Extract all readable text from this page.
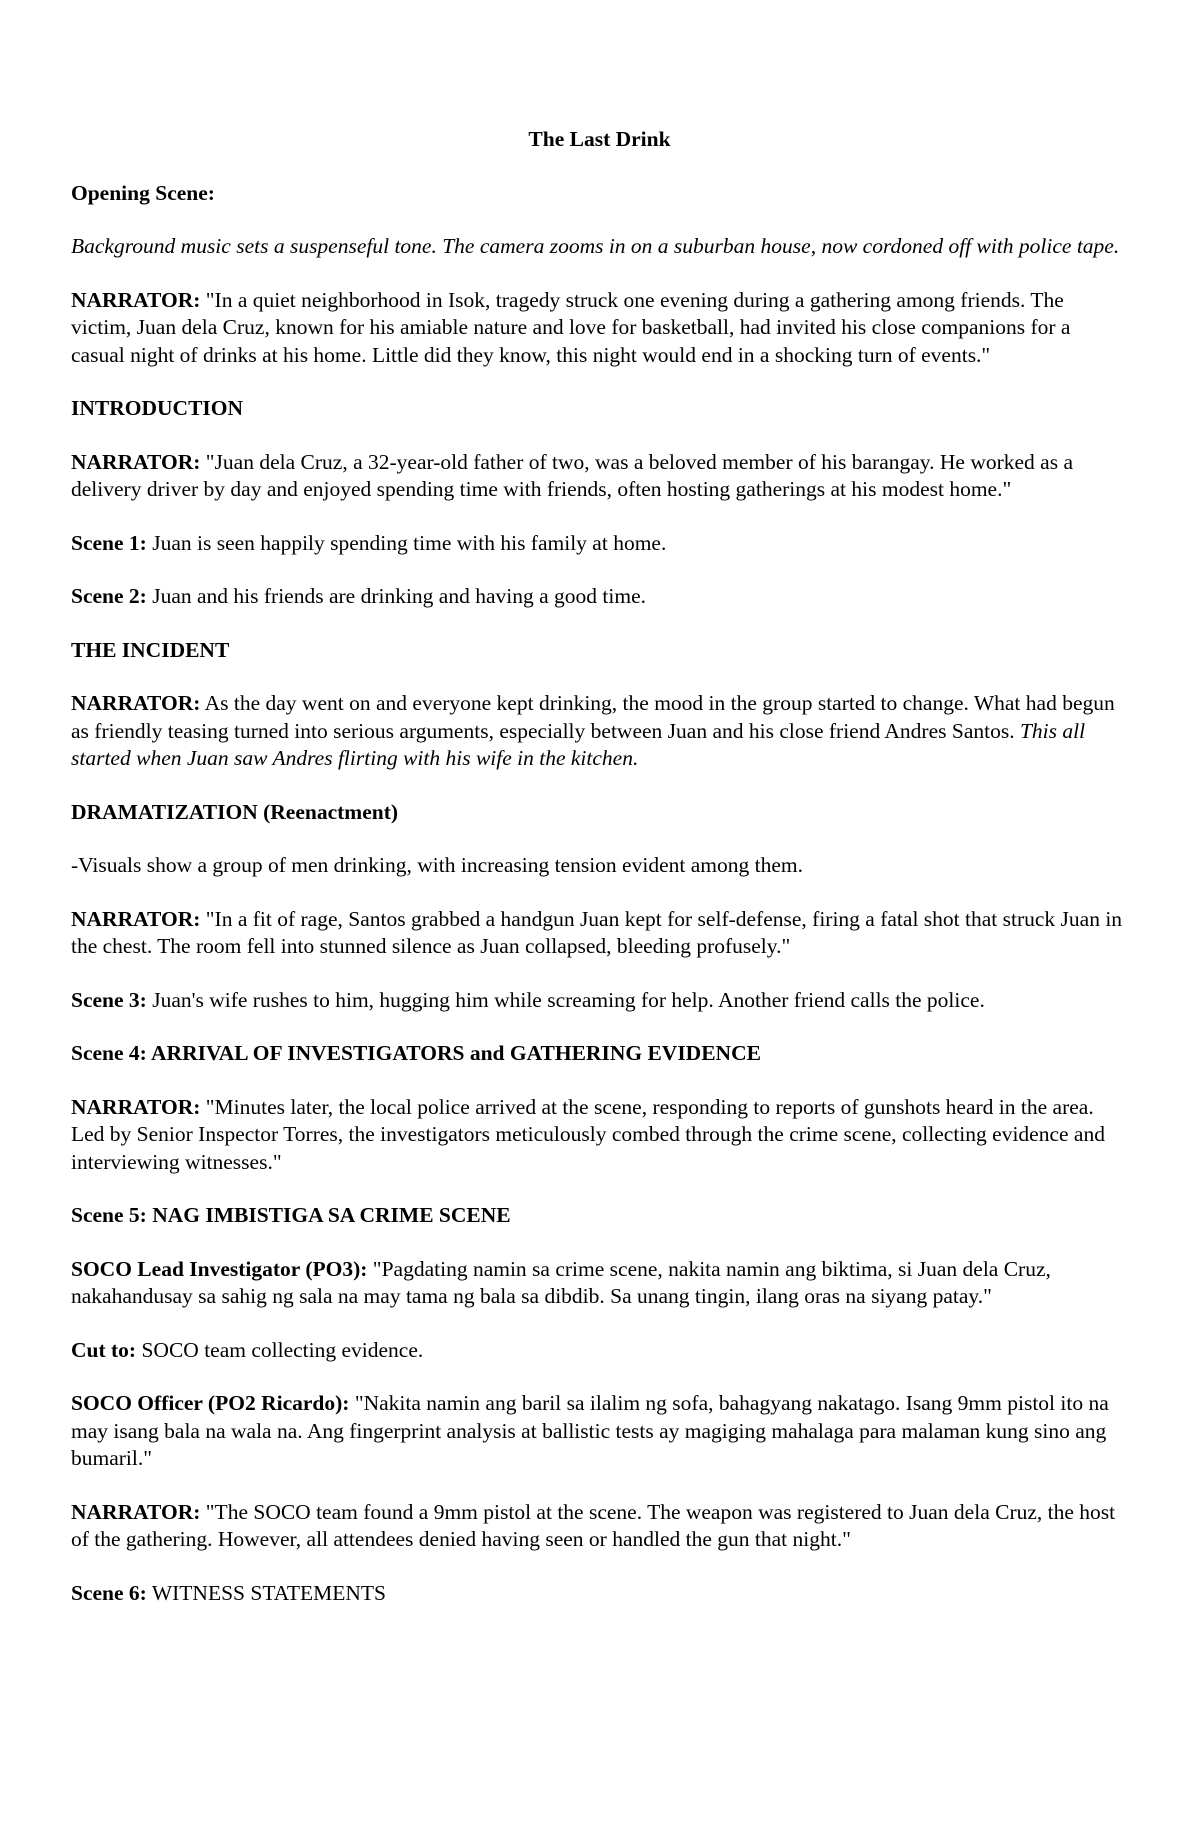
The Last Drink

Opening Scene:

Background music sets a suspenseful tone. The camera zooms in on a suburban house, now cordoned off with police tape.

NARRATOR: "In a quiet neighborhood in Isok, tragedy struck one evening during a gathering among friends. The victim, Juan dela Cruz, known for his amiable nature and love for basketball, had invited his close companions for a casual night of drinks at his home. Little did they know, this night would end in a shocking turn of events."

INTRODUCTION

NARRATOR: "Juan dela Cruz, a 32-year-old father of two, was a beloved member of his barangay. He worked as a delivery driver by day and enjoyed spending time with friends, often hosting gatherings at his modest home."

Scene 1: Juan is seen happily spending time with his family at home.

Scene 2: Juan and his friends are drinking and having a good time.

THE INCIDENT

NARRATOR: As the day went on and everyone kept drinking, the mood in the group started to change. What had begun as friendly teasing turned into serious arguments, especially between Juan and his close friend Andres Santos. This all started when Juan saw Andres flirting with his wife in the kitchen.

DRAMATIZATION (Reenactment)

-Visuals show a group of men drinking, with increasing tension evident among them.

NARRATOR: "In a fit of rage, Santos grabbed a handgun Juan kept for self-defense, firing a fatal shot that struck Juan in the chest. The room fell into stunned silence as Juan collapsed, bleeding profusely."

Scene 3: Juan's wife rushes to him, hugging him while screaming for help. Another friend calls the police.

Scene 4: ARRIVAL OF INVESTIGATORS and GATHERING EVIDENCE

NARRATOR: "Minutes later, the local police arrived at the scene, responding to reports of gunshots heard in the area. Led by Senior Inspector Torres, the investigators meticulously combed through the crime scene, collecting evidence and interviewing witnesses."

Scene 5: NAG IMBISTIGA SA CRIME SCENE

SOCO Lead Investigator (PO3): "Pagdating namin sa crime scene, nakita namin ang biktima, si Juan dela Cruz, nakahandusay sa sahig ng sala na may tama ng bala sa dibdib. Sa unang tingin, ilang oras na siyang patay."

Cut to: SOCO team collecting evidence.

SOCO Officer (PO2 Ricardo): "Nakita namin ang baril sa ilalim ng sofa, bahagyang nakatago. Isang 9mm pistol ito na may isang bala na wala na. Ang fingerprint analysis at ballistic tests ay magiging mahalaga para malaman kung sino ang bumaril."

NARRATOR: "The SOCO team found a 9mm pistol at the scene. The weapon was registered to Juan dela Cruz, the host of the gathering. However, all attendees denied having seen or handled the gun that night."

Scene 6: WITNESS STATEMENTS
